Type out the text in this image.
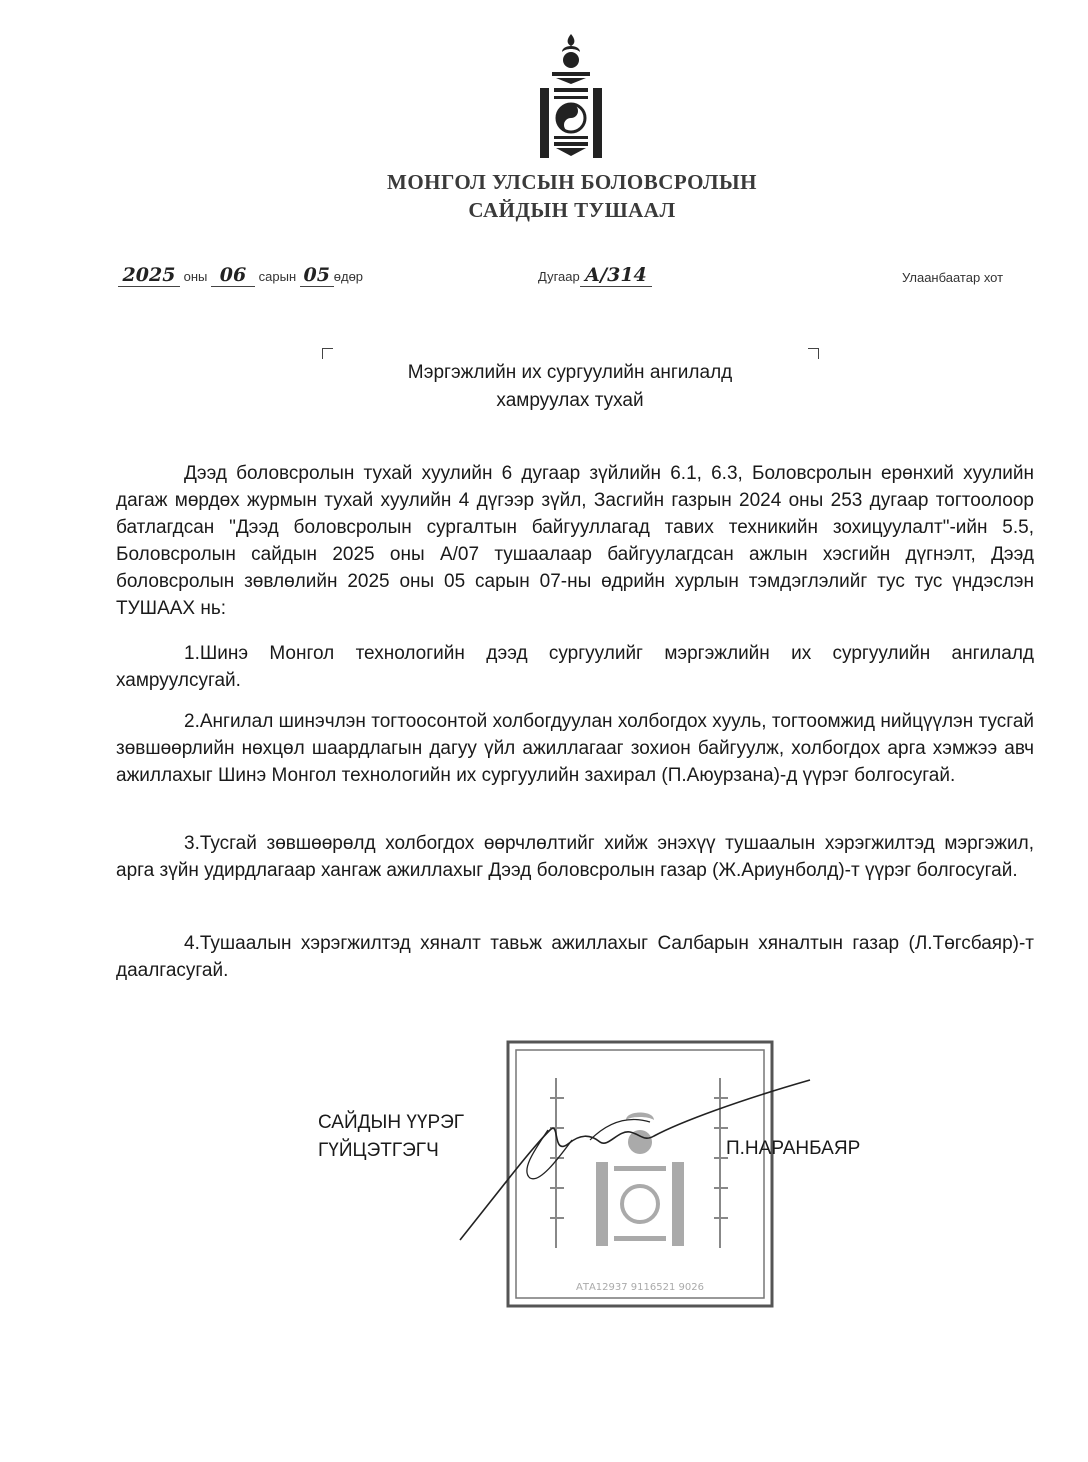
МОНГОЛ УЛСЫН БОЛОВСРОЛЫН
САЙДЫН ТУШААЛ
2025 оны 06 сарын 05 өдөр	Дугаар А/314	Улаанбаатар хот
Мэргэжлийн их сургуулийн ангилалд
хамруулах тухай
Дээд боловсролын тухай хуулийн 6 дугаар зүйлийн 6.1, 6.3, Боловсролын ерөнхий хуулийн дагаж мөрдөх журмын тухай хуулийн 4 дүгээр зүйл, Засгийн газрын 2024 оны 253 дугаар тогтоолоор батлагдсан "Дээд боловсролын сургалтын байгууллагад тавих техникийн зохицуулалт"-ийн 5.5, Боловсролын сайдын 2025 оны А/07 тушаалаар байгуулагдсан ажлын хэсгийн дүгнэлт, Дээд боловсролын зөвлөлийн 2025 оны 05 сарын 07-ны өдрийн хурлын тэмдэглэлийг тус тус үндэслэн ТУШААХ нь:
1.Шинэ Монгол технологийн дээд сургуулийг мэргэжлийн их сургуулийн ангилалд хамруулсугай.
2.Ангилал шинэчлэн тогтоосонтой холбогдуулан холбогдох хууль, тогтоомжид нийцүүлэн тусгай зөвшөөрлийн нөхцөл шаардлагын дагуу үйл ажиллагааг зохион байгуулж, холбогдох арга хэмжээ авч ажиллахыг Шинэ Монгол технологийн их сургуулийн захирал (П.Аюурзана)-д үүрэг болгосугай.
3.Тусгай зөвшөөрөлд холбогдох өөрчлөлтийг хийж энэхүү тушаалын хэрэгжилтэд мэргэжил, арга зүйн удирдлагаар хангаж ажиллахыг Дээд боловсролын газар (Ж.Ариунболд)-т үүрэг болгосугай.
4.Тушаалын хэрэгжилтэд хяналт тавьж ажиллахыг Салбарын хяналтын газар (Л.Төгсбаяр)-т даалгасугай.
АТА12937 9116521 9026
САЙДЫН ҮҮРЭГ
ГҮЙЦЭТГЭГЧ	П.НАРАНБАЯР
